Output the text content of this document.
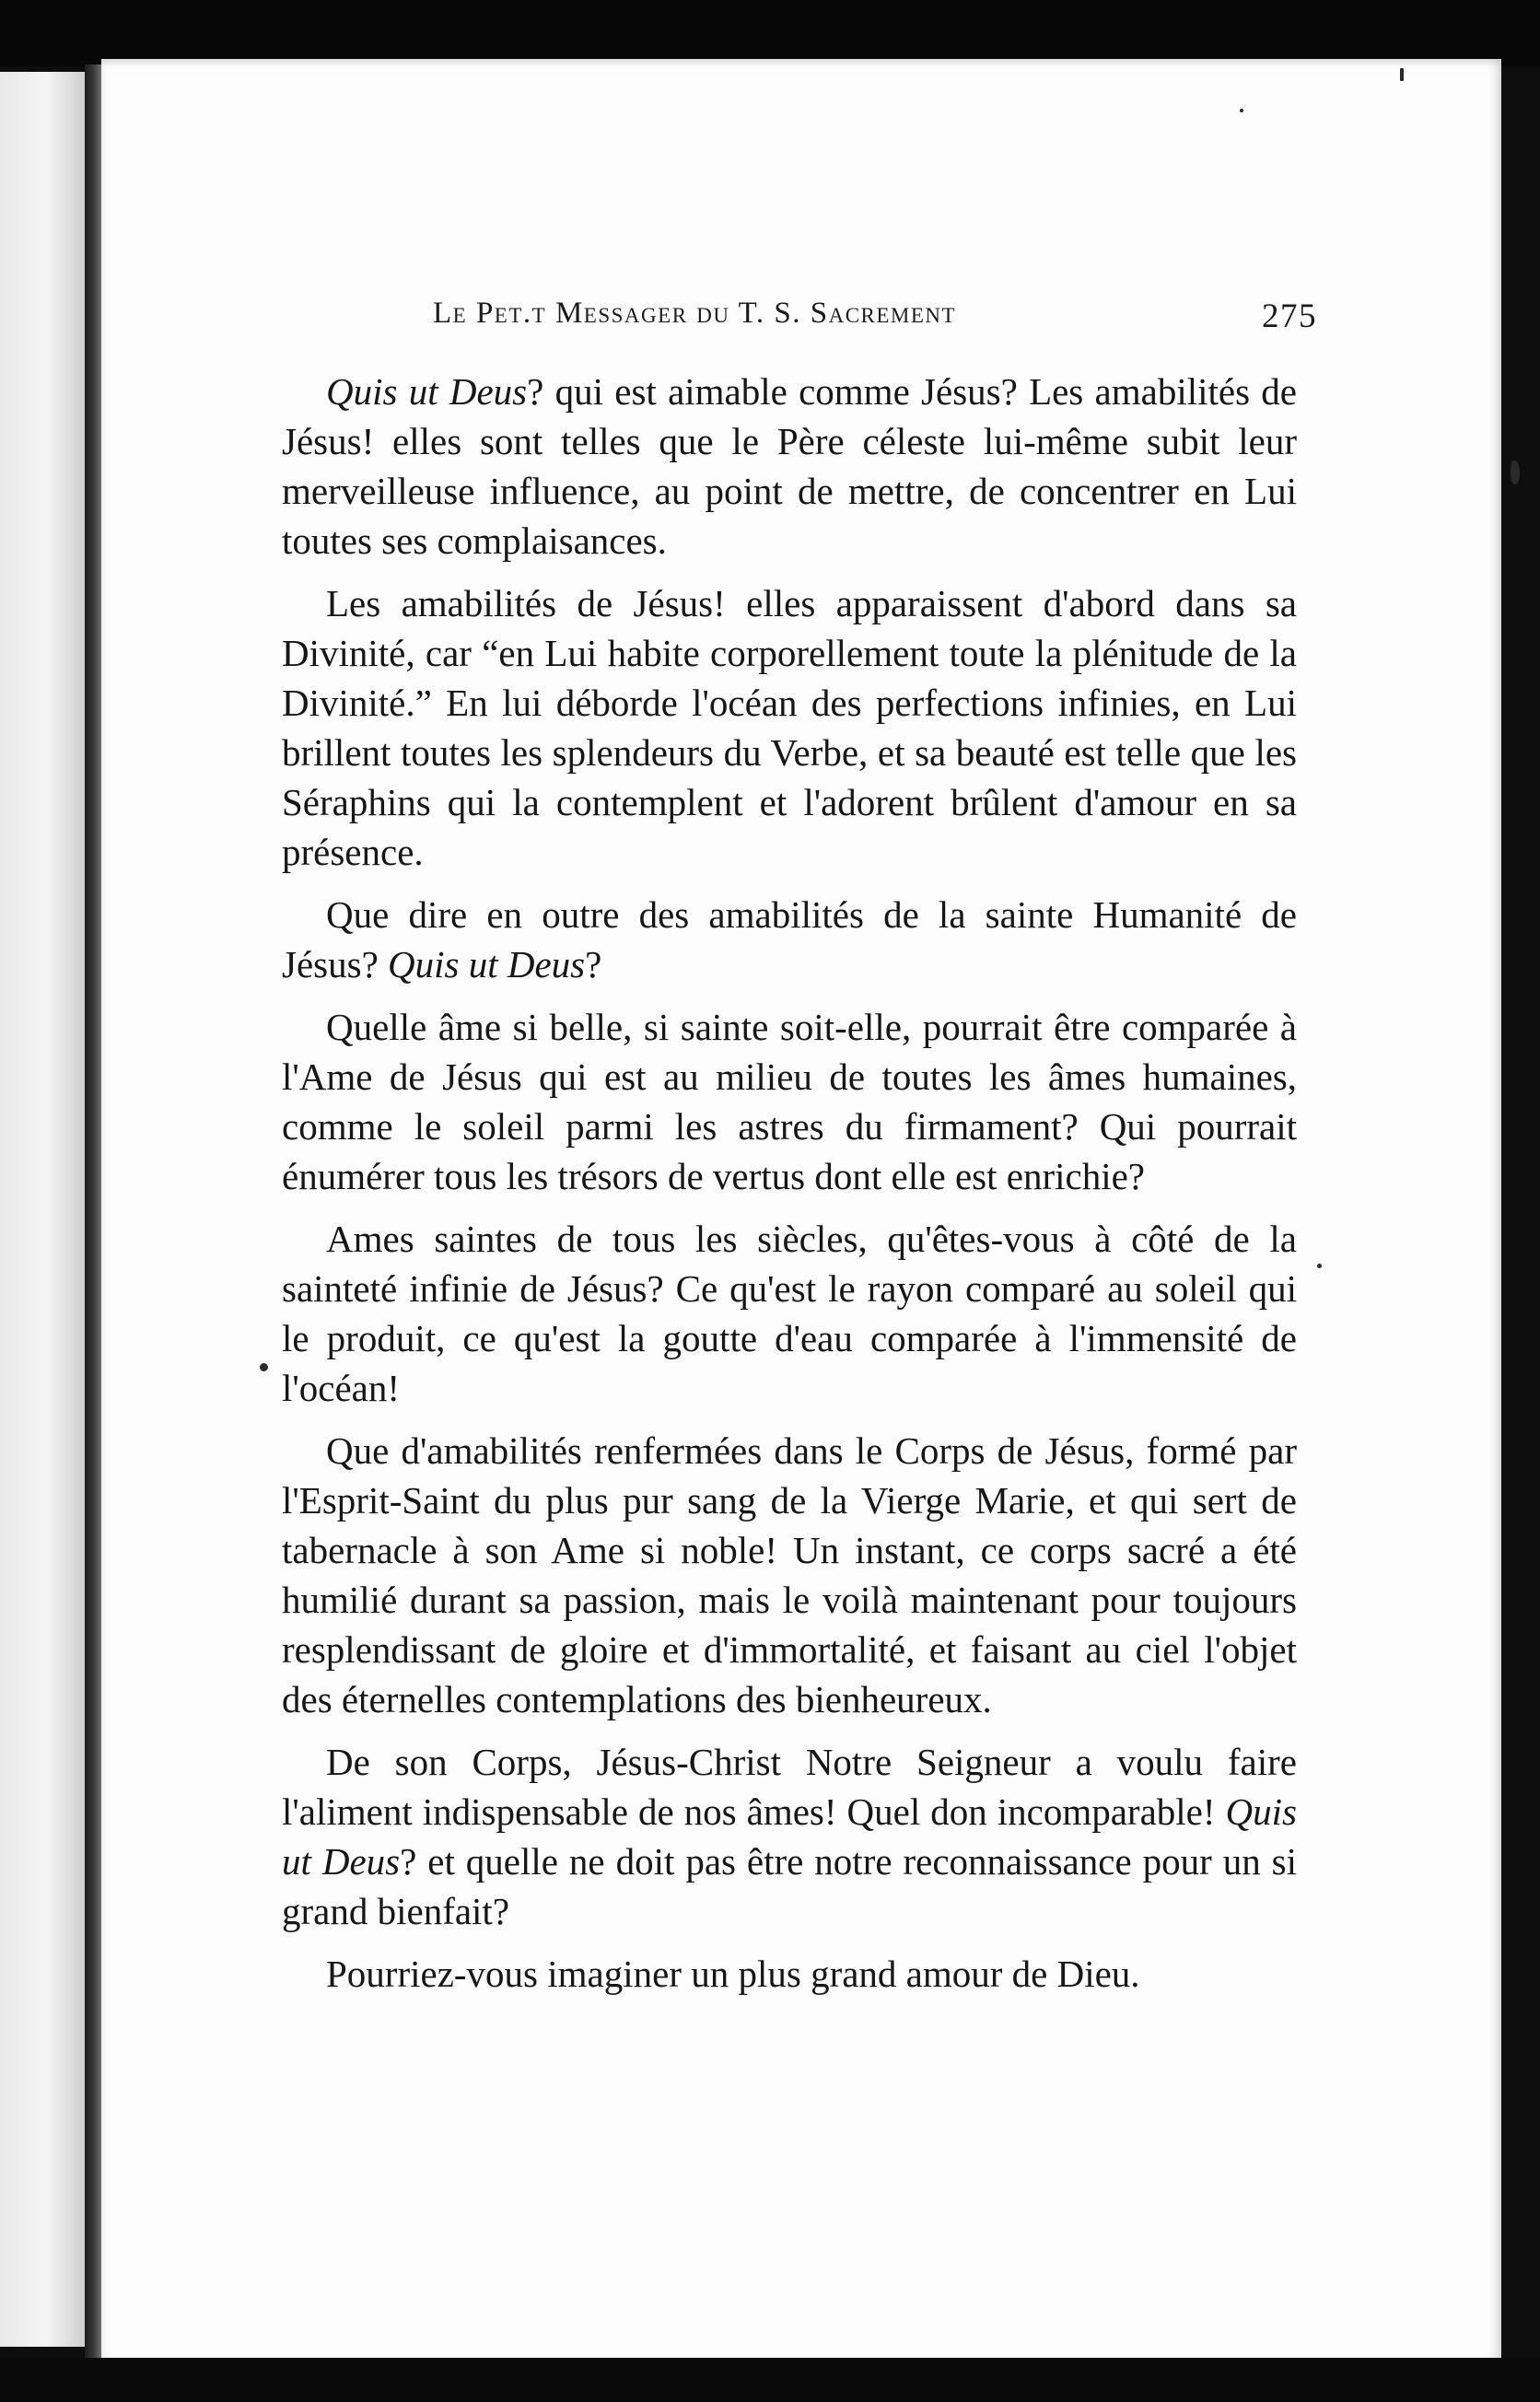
Le Pet.t Messager du T. S. Sacrement	275

Quis ut Deus? qui est aimable comme Jésus? Les amabilités de Jésus! elles sont telles que le Père céleste lui-même subit leur merveilleuse influence, au point de mettre, de concentrer en Lui toutes ses complaisances.

Les amabilités de Jésus! elles apparaissent d'abord dans sa Divinité, car “en Lui habite corporellement toute la plénitude de la Divinité.” En lui déborde l'océan des perfections infinies, en Lui brillent toutes les splendeurs du Verbe, et sa beauté est telle que les Séraphins qui la contemplent et l'adorent brûlent d'amour en sa présence.

Que dire en outre des amabilités de la sainte Humanité de Jésus? Quis ut Deus?

Quelle âme si belle, si sainte soit-elle, pourrait être comparée à l'Ame de Jésus qui est au milieu de toutes les âmes humaines, comme le soleil parmi les astres du firmament? Qui pourrait énumérer tous les trésors de vertus dont elle est enrichie?

Ames saintes de tous les siècles, qu'êtes-vous à côté de la sainteté infinie de Jésus? Ce qu'est le rayon comparé au soleil qui le produit, ce qu'est la goutte d'eau comparée à l'immensité de l'océan!

Que d'amabilités renfermées dans le Corps de Jésus, formé par l'Esprit-Saint du plus pur sang de la Vierge Marie, et qui sert de tabernacle à son Ame si noble! Un instant, ce corps sacré a été humilié durant sa passion, mais le voilà maintenant pour toujours resplendissant de gloire et d'immortalité, et faisant au ciel l'objet des éternelles contemplations des bienheureux.

De son Corps, Jésus-Christ Notre Seigneur a voulu faire l'aliment indispensable de nos âmes! Quel don incomparable! Quis ut Deus? et quelle ne doit pas être notre reconnaissance pour un si grand bienfait?

Pourriez-vous imaginer un plus grand amour de Dieu.
